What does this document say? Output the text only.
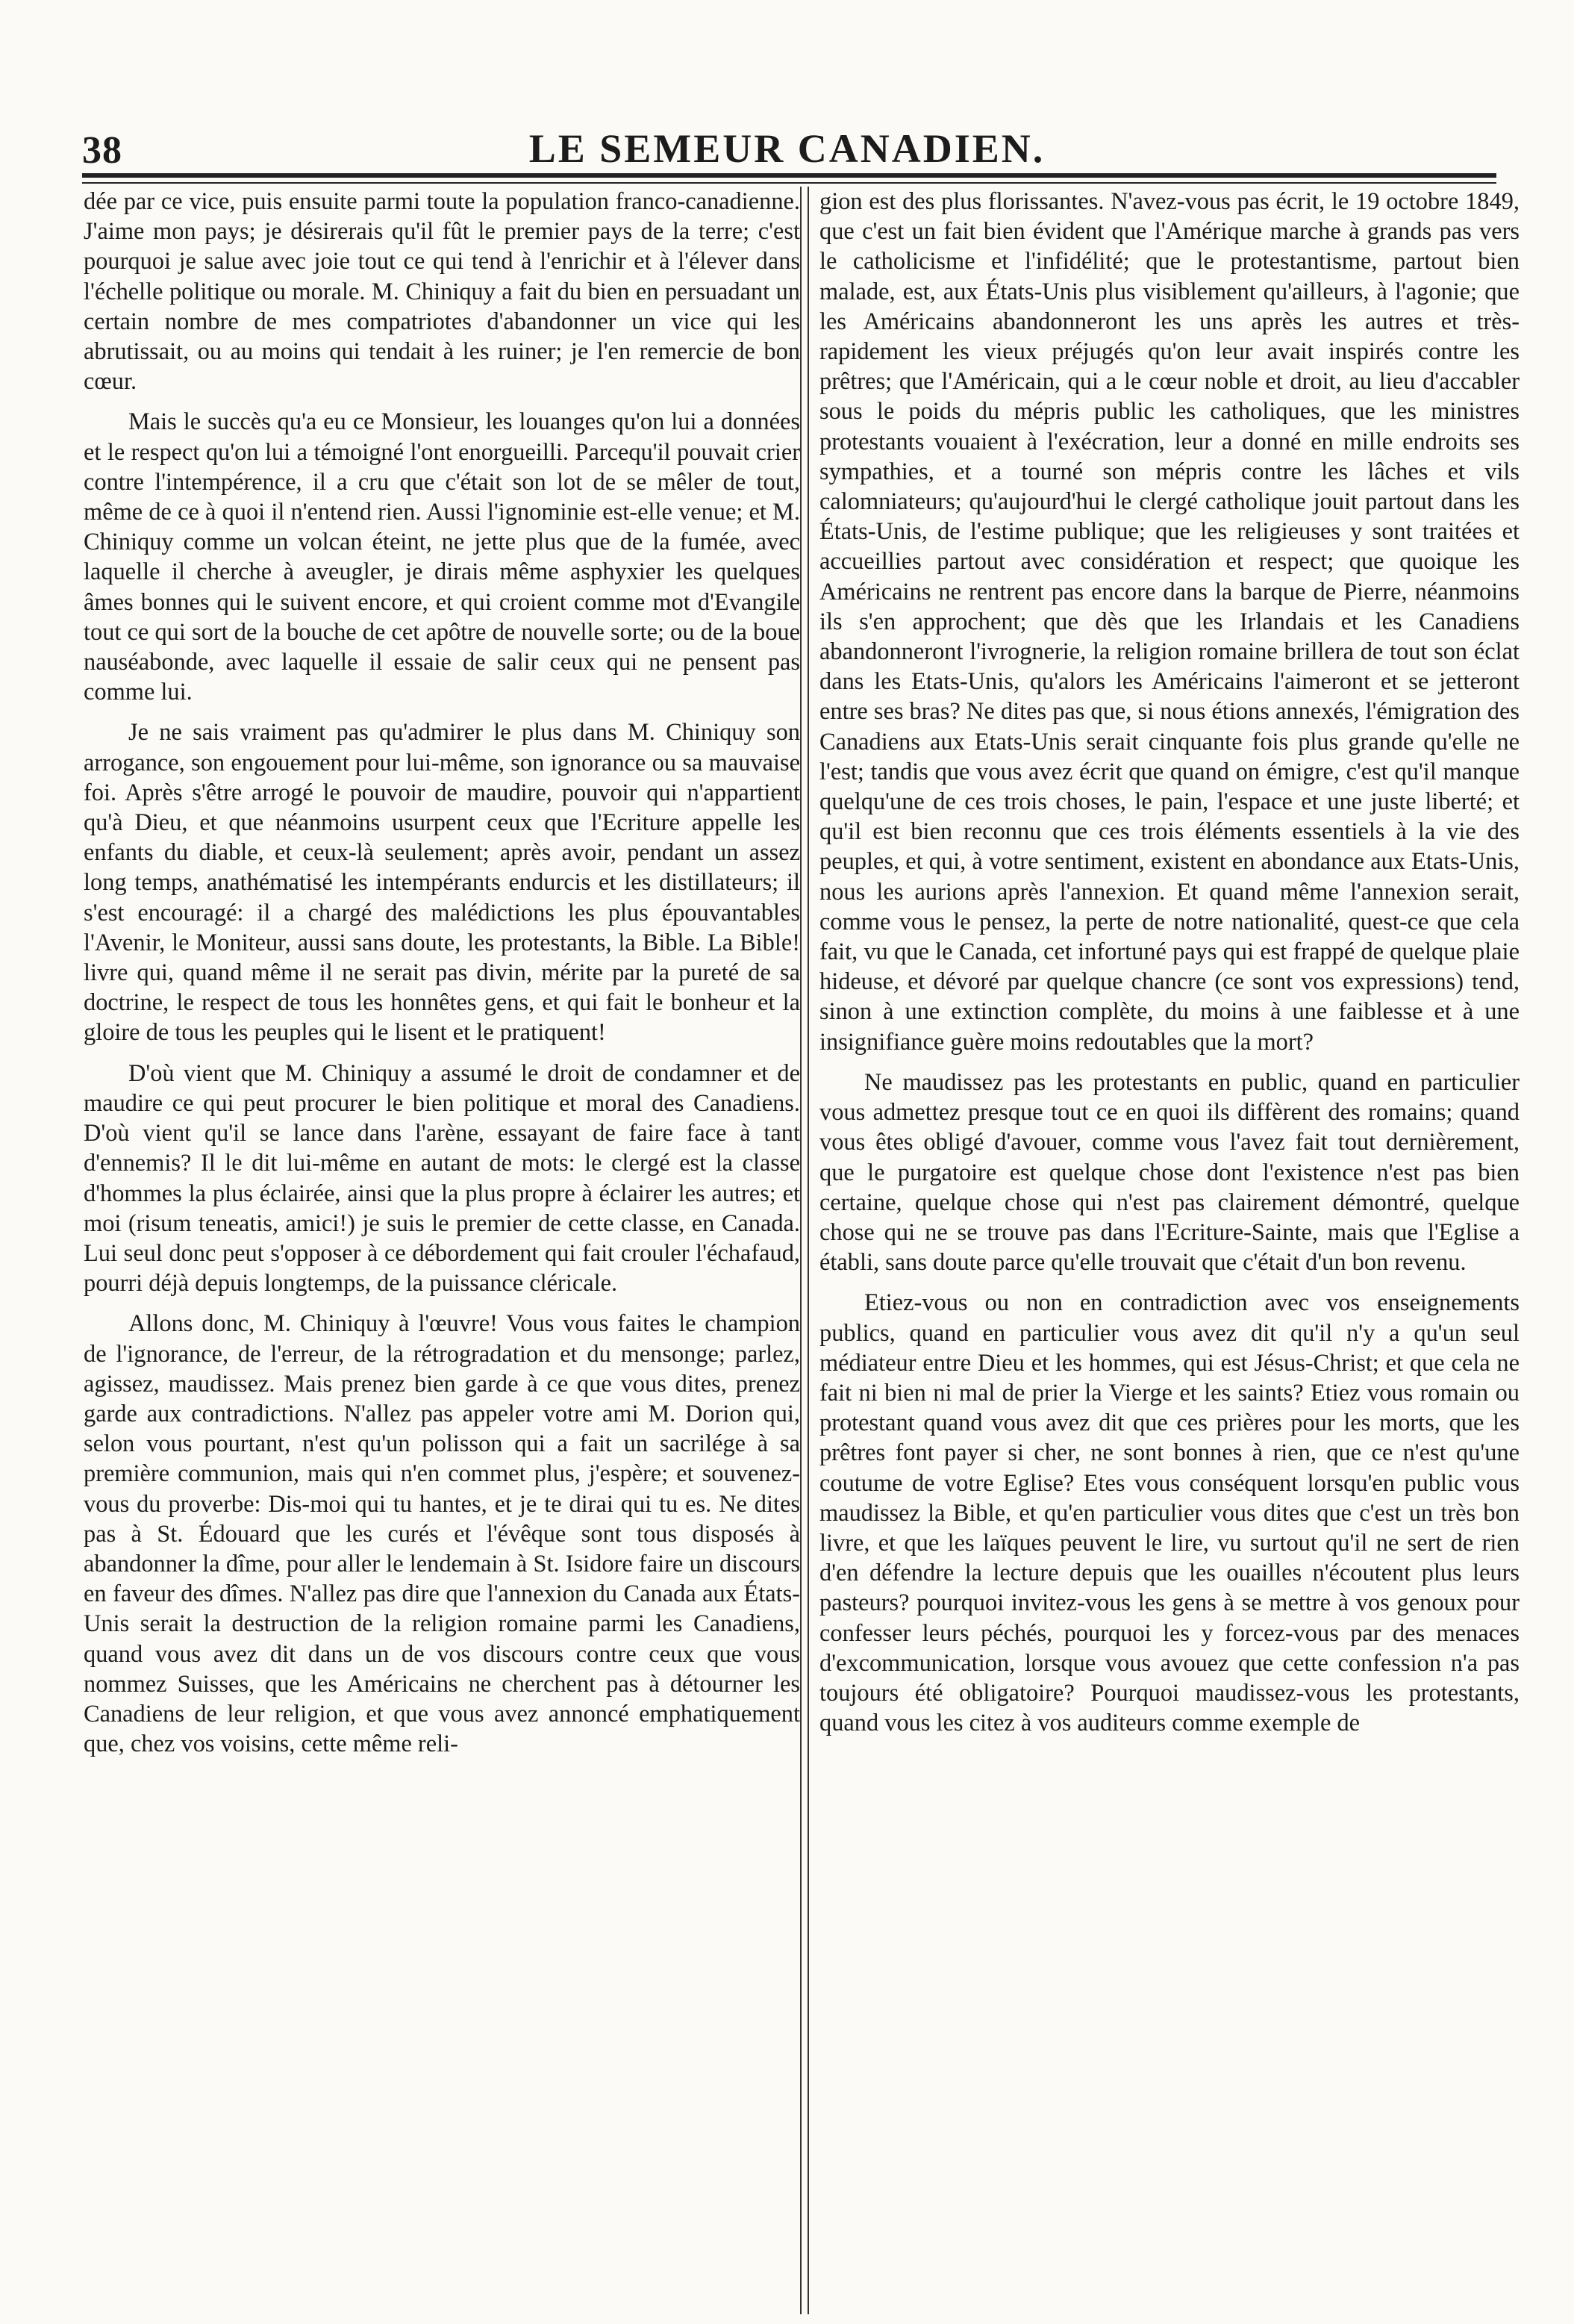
38	LE SEMEUR CANADIEN.

dée par ce vice, puis ensuite parmi toute la population franco-canadienne. J'aime mon pays; je désirerais qu'il fût le premier pays de la terre; c'est pourquoi je salue avec joie tout ce qui tend à l'enrichir et à l'élever dans l'échelle politique ou morale. M. Chiniquy a fait du bien en persuadant un certain nombre de mes compatriotes d'abandonner un vice qui les abrutissait, ou au moins qui tendait à les ruiner; je l'en remercie de bon cœur.

Mais le succès qu'a eu ce Monsieur, les louanges qu'on lui a données et le respect qu'on lui a témoigné l'ont enorgueilli. Parcequ'il pouvait crier contre l'intempérence, il a cru que c'était son lot de se mêler de tout, même de ce à quoi il n'entend rien. Aussi l'ignominie est-elle venue; et M. Chiniquy comme un volcan éteint, ne jette plus que de la fumée, avec laquelle il cherche à aveugler, je dirais même asphyxier les quelques âmes bonnes qui le suivent encore, et qui croient comme mot d'Evangile tout ce qui sort de la bouche de cet apôtre de nouvelle sorte; ou de la boue nauséabonde, avec laquelle il essaie de salir ceux qui ne pensent pas comme lui.

Je ne sais vraiment pas qu'admirer le plus dans M. Chiniquy son arrogance, son engouement pour lui-même, son ignorance ou sa mauvaise foi. Après s'être arrogé le pouvoir de maudire, pouvoir qui n'appartient qu'à Dieu, et que néanmoins usurpent ceux que l'Ecriture appelle les enfants du diable, et ceux-là seulement; après avoir, pendant un assez long temps, anathématisé les intempérants endurcis et les distillateurs; il s'est encouragé: il a chargé des malédictions les plus épouvantables l'Avenir, le Moniteur, aussi sans doute, les protestants, la Bible. La Bible! livre qui, quand même il ne serait pas divin, mérite par la pureté de sa doctrine, le respect de tous les honnêtes gens, et qui fait le bonheur et la gloire de tous les peuples qui le lisent et le pratiquent!

D'où vient que M. Chiniquy a assumé le droit de condamner et de maudire ce qui peut procurer le bien politique et moral des Canadiens. D'où vient qu'il se lance dans l'arène, essayant de faire face à tant d'ennemis? Il le dit lui-même en autant de mots: le clergé est la classe d'hommes la plus éclairée, ainsi que la plus propre à éclairer les autres; et moi (risum teneatis, amici!) je suis le premier de cette classe, en Canada. Lui seul donc peut s'opposer à ce débordement qui fait crouler l'échafaud, pourri déjà depuis longtemps, de la puissance cléricale.

Allons donc, M. Chiniquy à l'œuvre! Vous vous faites le champion de l'ignorance, de l'erreur, de la rétrogradation et du mensonge; parlez, agissez, maudissez. Mais prenez bien garde à ce que vous dites, prenez garde aux contradictions. N'allez pas appeler votre ami M. Dorion qui, selon vous pourtant, n'est qu'un polisson qui a fait un sacrilége à sa première communion, mais qui n'en commet plus, j'espère; et souvenez-vous du proverbe: Dis-moi qui tu hantes, et je te dirai qui tu es. Ne dites pas à St. Édouard que les curés et l'évêque sont tous disposés à abandonner la dîme, pour aller le lendemain à St. Isidore faire un discours en faveur des dîmes. N'allez pas dire que l'annexion du Canada aux États-Unis serait la destruction de la religion romaine parmi les Canadiens, quand vous avez dit dans un de vos discours contre ceux que vous nommez Suisses, que les Américains ne cherchent pas à détourner les Canadiens de leur religion, et que vous avez annoncé emphatiquement que, chez vos voisins, cette même reli-

gion est des plus florissantes. N'avez-vous pas écrit, le 19 octobre 1849, que c'est un fait bien évident que l'Amérique marche à grands pas vers le catholicisme et l'infidélité; que le protestantisme, partout bien malade, est, aux États-Unis plus visiblement qu'ailleurs, à l'agonie; que les Américains abandonneront les uns après les autres et très-rapidement les vieux préjugés qu'on leur avait inspirés contre les prêtres; que l'Américain, qui a le cœur noble et droit, au lieu d'accabler sous le poids du mépris public les catholiques, que les ministres protestants vouaient à l'exécration, leur a donné en mille endroits ses sympathies, et a tourné son mépris contre les lâches et vils calomniateurs; qu'aujourd'hui le clergé catholique jouit partout dans les États-Unis, de l'estime publique; que les religieuses y sont traitées et accueillies partout avec considération et respect; que quoique les Américains ne rentrent pas encore dans la barque de Pierre, néanmoins ils s'en approchent; que dès que les Irlandais et les Canadiens abandonneront l'ivrognerie, la religion romaine brillera de tout son éclat dans les Etats-Unis, qu'alors les Américains l'aimeront et se jetteront entre ses bras? Ne dites pas que, si nous étions annexés, l'émigration des Canadiens aux Etats-Unis serait cinquante fois plus grande qu'elle ne l'est; tandis que vous avez écrit que quand on émigre, c'est qu'il manque quelqu'une de ces trois choses, le pain, l'espace et une juste liberté; et qu'il est bien reconnu que ces trois éléments essentiels à la vie des peuples, et qui, à votre sentiment, existent en abondance aux Etats-Unis, nous les aurions après l'annexion. Et quand même l'annexion serait, comme vous le pensez, la perte de notre nationalité, quest-ce que cela fait, vu que le Canada, cet infortuné pays qui est frappé de quelque plaie hideuse, et dévoré par quelque chancre (ce sont vos expressions) tend, sinon à une extinction complète, du moins à une faiblesse et à une insignifiance guère moins redoutables que la mort?

Ne maudissez pas les protestants en public, quand en particulier vous admettez presque tout ce en quoi ils diffèrent des romains; quand vous êtes obligé d'avouer, comme vous l'avez fait tout dernièrement, que le purgatoire est quelque chose dont l'existence n'est pas bien certaine, quelque chose qui n'est pas clairement démontré, quelque chose qui ne se trouve pas dans l'Ecriture-Sainte, mais que l'Eglise a établi, sans doute parce qu'elle trouvait que c'était d'un bon revenu.

Etiez-vous ou non en contradiction avec vos enseignements publics, quand en particulier vous avez dit qu'il n'y a qu'un seul médiateur entre Dieu et les hommes, qui est Jésus-Christ; et que cela ne fait ni bien ni mal de prier la Vierge et les saints? Etiez vous romain ou protestant quand vous avez dit que ces prières pour les morts, que les prêtres font payer si cher, ne sont bonnes à rien, que ce n'est qu'une coutume de votre Eglise? Etes vous conséquent lorsqu'en public vous maudissez la Bible, et qu'en particulier vous dites que c'est un très bon livre, et que les laïques peuvent le lire, vu surtout qu'il ne sert de rien d'en défendre la lecture depuis que les ouailles n'écoutent plus leurs pasteurs? pourquoi invitez-vous les gens à se mettre à vos genoux pour confesser leurs péchés, pourquoi les y forcez-vous par des menaces d'excommunication, lorsque vous avouez que cette confession n'a pas toujours été obligatoire? Pourquoi maudissez-vous les protestants, quand vous les citez à vos auditeurs comme exemple de
